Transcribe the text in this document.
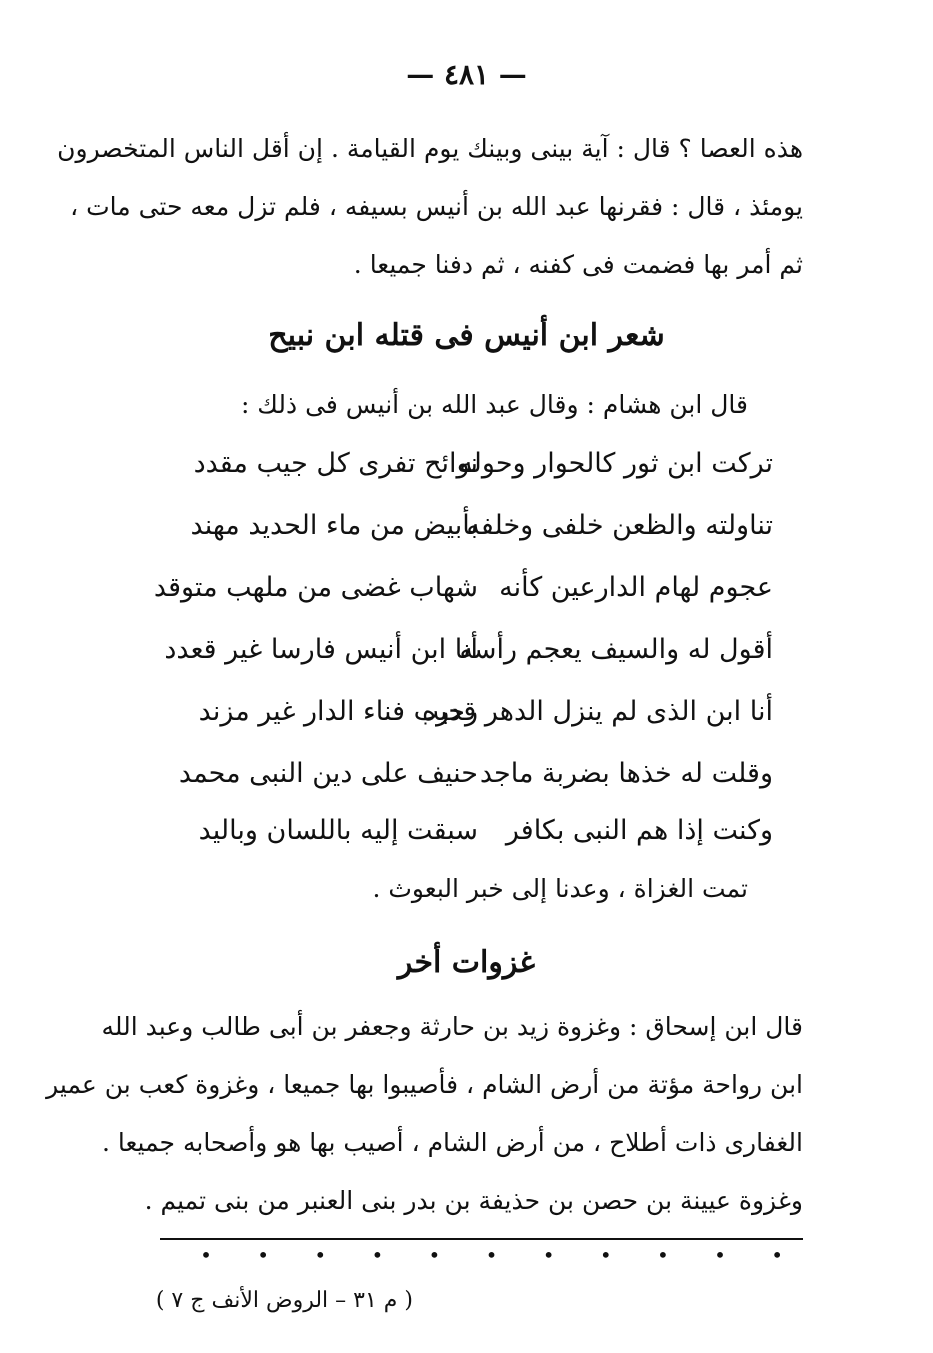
— ٤٨١ —
هذه العصا ؟ قال : آية بينى وبينك يوم القيامة . إن أقل الناس المتخصرون
يومئذ ، قال : فقرنها عبد الله بن أنيس بسيفه ، فلم تزل معه حتى مات ،
ثم أمر بها فضمت فى كفنه ، ثم دفنا جميعا .
شعر ابن أنيس فى قتله ابن نبيح
قال ابن هشام : وقال عبد الله بن أنيس فى ذلك :
تركت ابن ثور كالحوار وحوله
نوائح تفرى كل جيب مقدد
تناولته والظعن خلفى وخلفه
بأبيض من ماء الحديد مهند
عجوم لهام الدارعين كأنه
شهاب غضى من ملهب متوقد
أقول له والسيف يعجم رأسه
أنا ابن أنيس فارسا غير قعدد
أنا ابن الذى لم ينزل الدهر قدره
رحيب فناء الدار غير مزند
وقلت له خذها بضربة ماجد
حنيف على دين النبى محمد
وكنت إذا هم النبى بكافر
سبقت إليه باللسان وباليد
تمت الغزاة ، وعدنا إلى خبر البعوث .
غزوات أخر
قال ابن إسحاق : وغزوة زيد بن حارثة وجعفر بن أبى طالب وعبد الله
ابن رواحة مؤتة من أرض الشام ، فأصيبوا بها جميعا ، وغزوة كعب بن عمير
الغفارى ذات أطلاح ، من أرض الشام ، أصيب بها هو وأصحابه جميعا .
وغزوة عيينة بن حصن بن حذيفة بن بدر بنى العنبر من بنى تميم .
•
•
•
•
•
•
•
•
•
•
•
( م ٣١ – الروض الأنف ج ٧ )
